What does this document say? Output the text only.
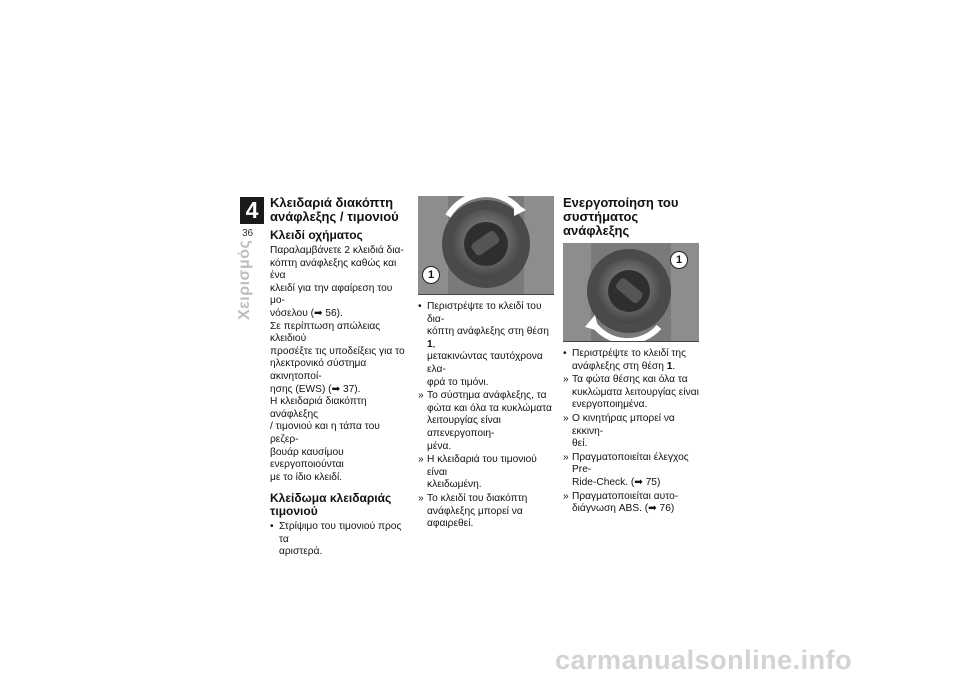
4
36
Χειρισμός
Κλειδαριά διακόπτη ανάφλεξης / τιμονιού
Κλειδί οχήματος

Παραλαμβάνετε 2 κλειδιά δια-

κόπτη ανάφλεξης καθώς και ένα

κλειδί για την αφαίρεση του μο-

νόσελου (➡ 56).

Σε περίπτωση απώλειας κλειδιού

προσέξτε τις υποδείξεις για το

ηλεκτρονικό σύστημα ακινητοποί-

ησης (EWS) (➡ 37).

Η κλειδαριά διακόπτη ανάφλεξης

/ τιμονιού και η τάπα του ρεζερ-

βουάρ καυσίμου ενεργοποιούνται

με το ίδιο κλειδί.

Κλείδωμα κλειδαριάς τιμονιού
• Στρίψιμο του τιμονιού προς τα

αριστερά.

1
• Περιστρέψτε το κλειδί του δια-

κόπτη ανάφλεξης στη θέση 1,

μετακινώντας ταυτόχρονα ελα-

φρά το τιμόνι.

» Το σύστημα ανάφλεξης, τα

φώτα και όλα τα κυκλώματα

λειτουργίας είναι απενεργοποιη-

μένα.

» Η κλειδαριά του τιμονιού είναι

κλειδωμένη.

» Το κλειδί του διακόπτη

ανάφλεξης μπορεί να

αφαιρεθεί.

Ενεργοποίηση του συστήματος ανάφλεξης
1
• Περιστρέψτε το κλειδί της

ανάφλεξης στη θέση 1.

» Τα φώτα θέσης και όλα τα

κυκλώματα λειτουργίας είναι

ενεργοποιημένα.

» Ο κινητήρας μπορεί να εκκινη-

θεί.

» Πραγματοποιείται έλεγχος Pre-

Ride-Check. (➡ 75)

» Πραγματοποιείται αυτο-

διάγνωση ABS. (➡ 76)

carmanualsonline.info
